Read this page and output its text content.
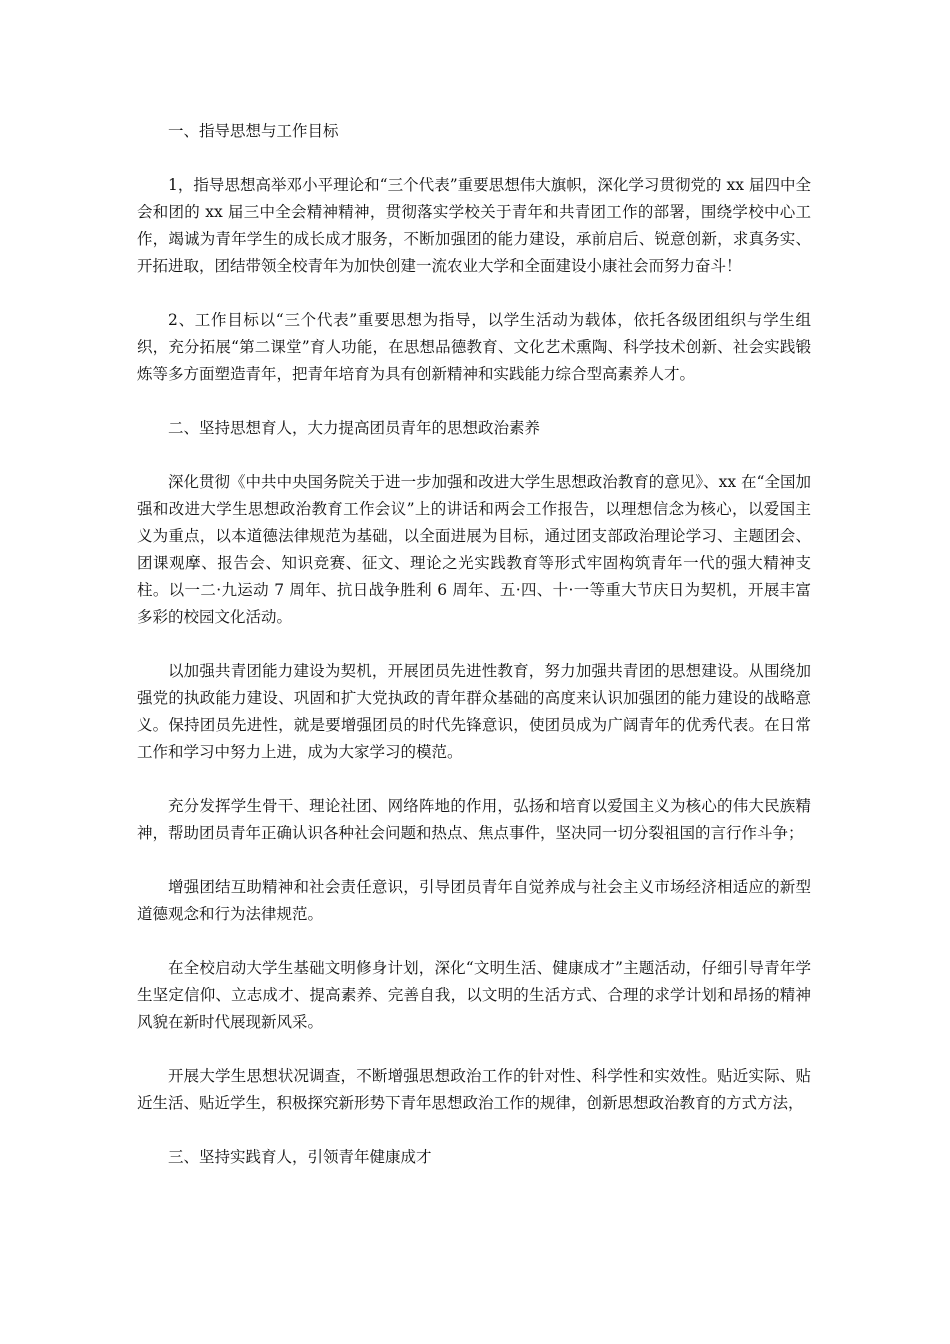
一、指导思想与工作目标

1，指导思想高举邓小平理论和“三个代表”重要思想伟大旗帜，深化学习贯彻党的 xx 届四中全会和团的 xx 届三中全会精神精神，贯彻落实学校关于青年和共青团工作的部署，围绕学校中心工作，竭诚为青年学生的成长成才服务，不断加强团的能力建设，承前启后、锐意创新，求真务实、开拓进取，团结带领全校青年为加快创建一流农业大学和全面建设小康社会而努力奋斗！

2、工作目标以“三个代表”重要思想为指导，以学生活动为载体，依托各级团组织与学生组织，充分拓展“第二课堂”育人功能，在思想品德教育、文化艺术熏陶、科学技术创新、社会实践锻炼等多方面塑造青年，把青年培育为具有创新精神和实践能力综合型高素养人才。

二、坚持思想育人，大力提高团员青年的思想政治素养

深化贯彻《中共中央国务院关于进一步加强和改进大学生思想政治教育的意见》、xx 在“全国加强和改进大学生思想政治教育工作会议”上的讲话和两会工作报告，以理想信念为核心，以爱国主义为重点，以本道德法律规范为基础，以全面进展为目标，通过团支部政治理论学习、主题团会、团课观摩、报告会、知识竞赛、征文、理论之光实践教育等形式牢固构筑青年一代的强大精神支柱。以一二·九运动 7 周年、抗日战争胜利 6 周年、五·四、十·一等重大节庆日为契机，开展丰富多彩的校园文化活动。

以加强共青团能力建设为契机，开展团员先进性教育，努力加强共青团的思想建设。从围绕加强党的执政能力建设、巩固和扩大党执政的青年群众基础的高度来认识加强团的能力建设的战略意义。保持团员先进性，就是要增强团员的时代先锋意识，使团员成为广阔青年的优秀代表。在日常工作和学习中努力上进，成为大家学习的模范。

充分发挥学生骨干、理论社团、网络阵地的作用，弘扬和培育以爱国主义为核心的伟大民族精神，帮助团员青年正确认识各种社会问题和热点、焦点事件，坚决同一切分裂祖国的言行作斗争；

增强团结互助精神和社会责任意识，引导团员青年自觉养成与社会主义市场经济相适应的新型道德观念和行为法律规范。

在全校启动大学生基础文明修身计划，深化“文明生活、健康成才”主题活动，仔细引导青年学生坚定信仰、立志成才、提高素养、完善自我，以文明的生活方式、合理的求学计划和昂扬的精神风貌在新时代展现新风采。

开展大学生思想状况调查，不断增强思想政治工作的针对性、科学性和实效性。贴近实际、贴近生活、贴近学生，积极探究新形势下青年思想政治工作的规律，创新思想政治教育的方式方法，

三、坚持实践育人，引领青年健康成才
